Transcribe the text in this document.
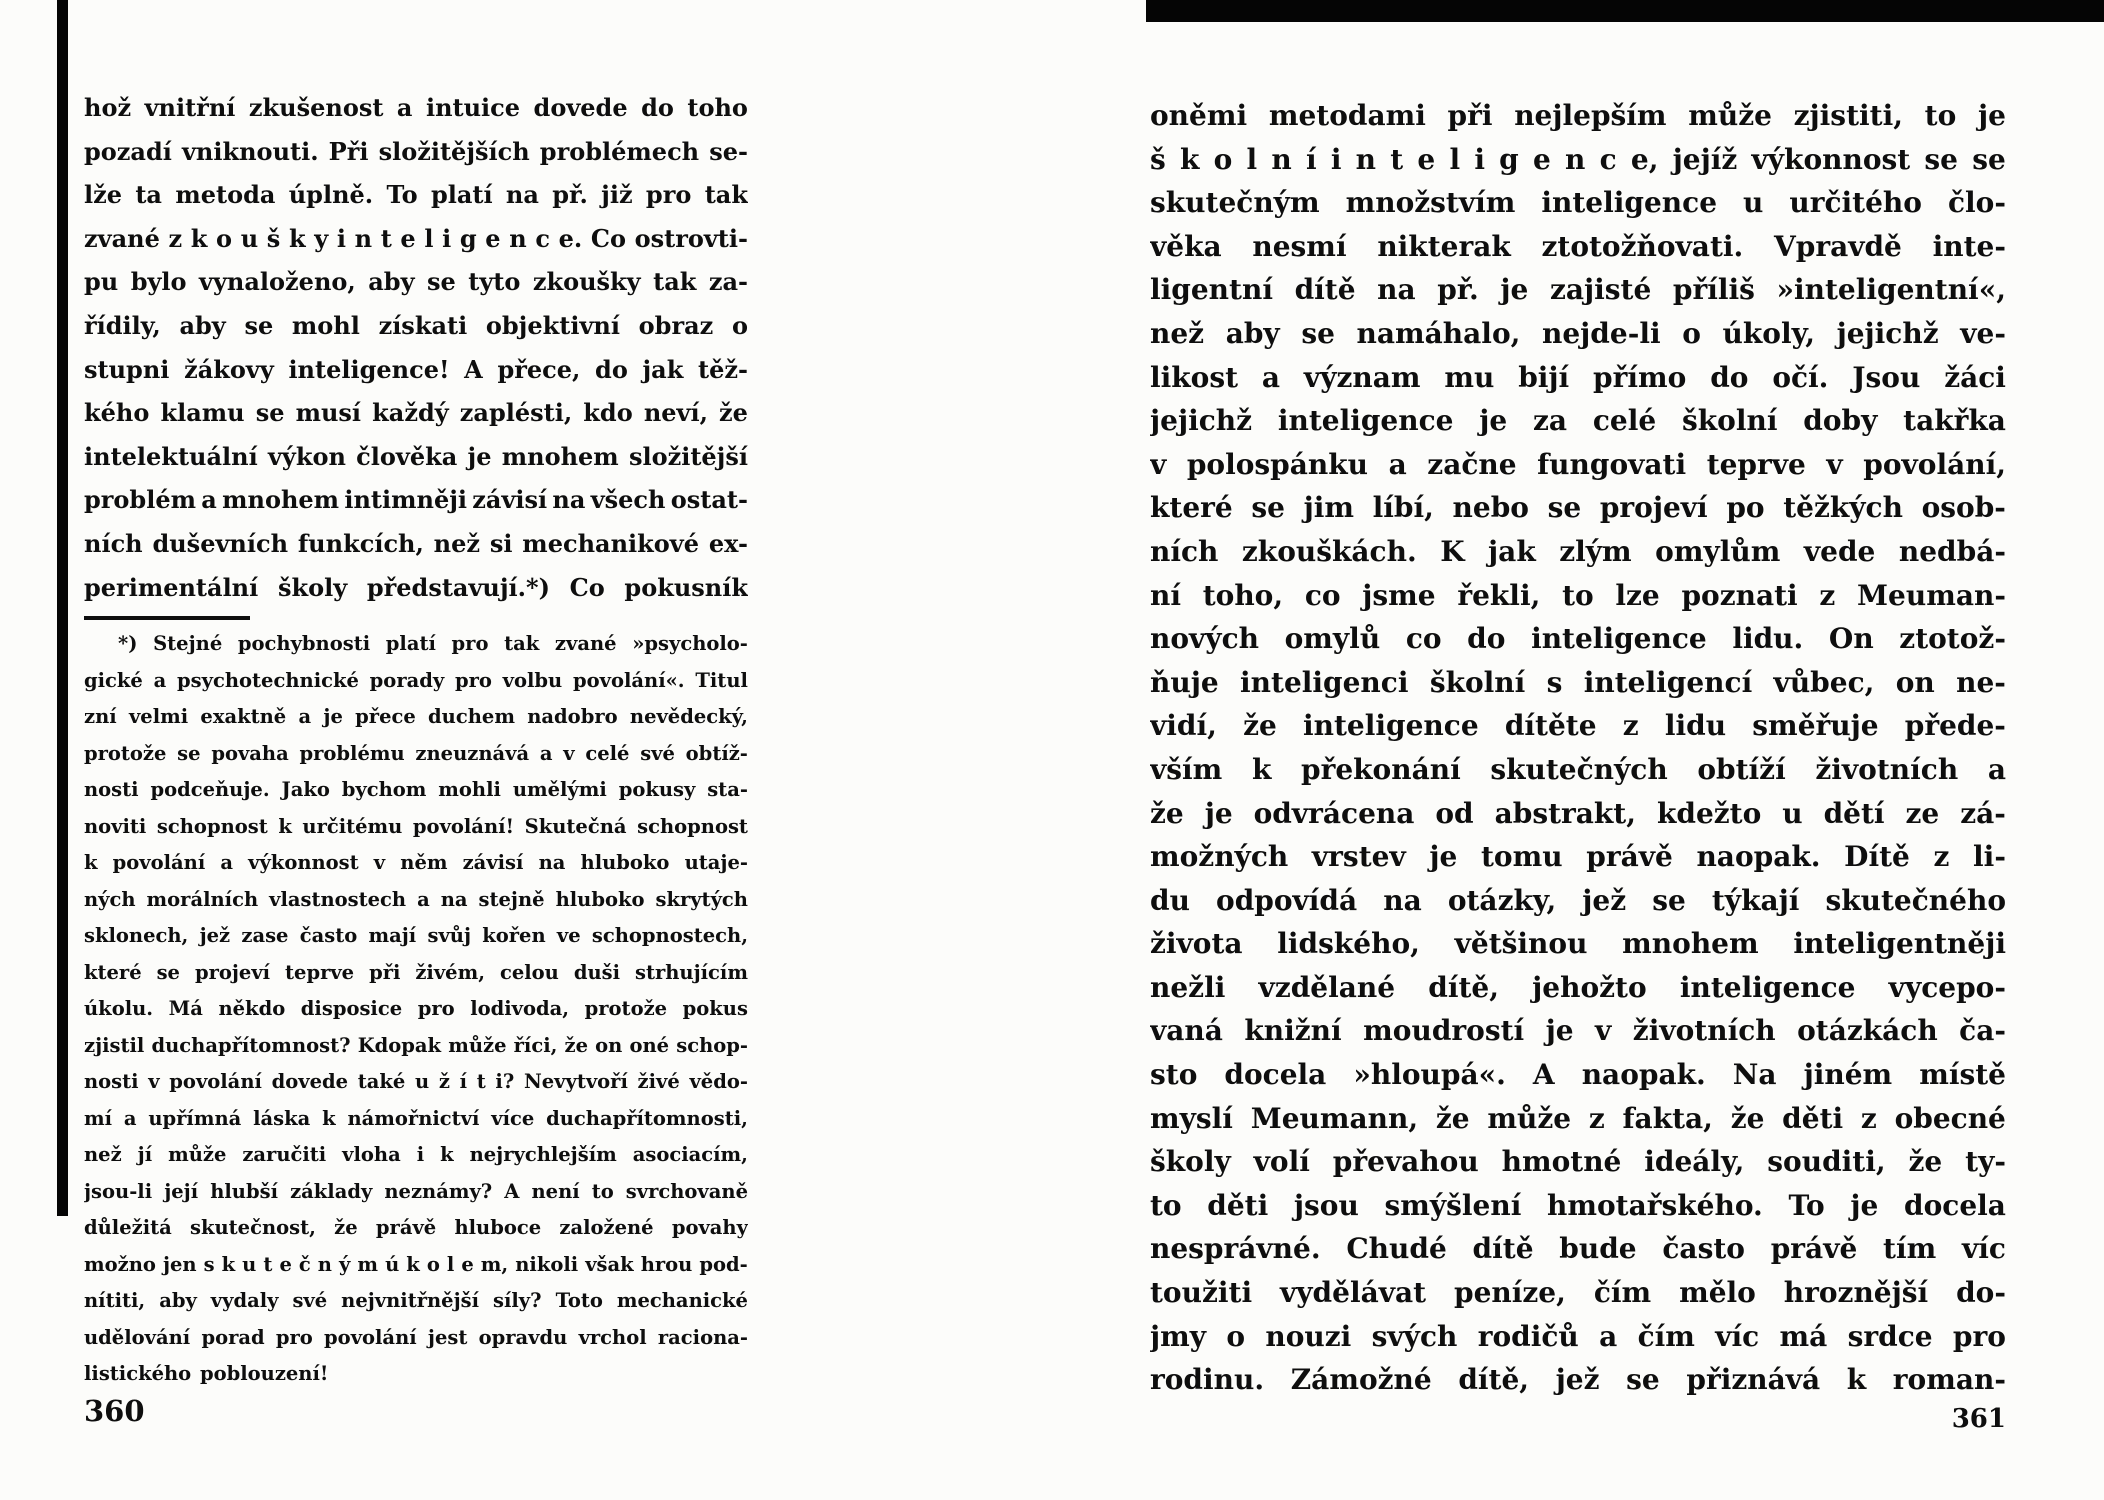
hož vnitřní zkušenost a intuice dovede do toho
pozadí vniknouti. Při složitějších problémech se-
lže ta metoda úplně. To platí na př. již pro tak
zvané z k o u š k y i n t e l i g e n c e. Co ostrovti-
pu bylo vynaloženo, aby se tyto zkoušky tak za-
řídily, aby se mohl získati objektivní obraz o
stupni žákovy inteligence! A přece, do jak těž-
kého klamu se musí každý zaplésti, kdo neví, že
intelektuální výkon člověka je mnohem složitější
problém a mnohem intimněji závisí na všech ostat-
ních duševních funkcích, než si mechanikové ex-
perimentální školy představují.*) Co pokusník
*) Stejné pochybnosti platí pro tak zvané »psycholo-
gické a psychotechnické porady pro volbu povolání«. Titul
zní velmi exaktně a je přece duchem nadobro nevědecký,
protože se povaha problému zneuznává a v celé své obtíž-
nosti podceňuje. Jako bychom mohli umělými pokusy sta-
noviti schopnost k určitému povolání! Skutečná schopnost
k povolání a výkonnost v něm závisí na hluboko utaje-
ných morálních vlastnostech a na stejně hluboko skrytých
sklonech, jež zase často mají svůj kořen ve schopnostech,
které se projeví teprve při živém, celou duši strhujícím
úkolu. Má někdo disposice pro lodivoda, protože pokus
zjistil duchapřítomnost? Kdopak může říci, že on oné schop-
nosti v povolání dovede také u ž í t i? Nevytvoří živé vědo-
mí a upřímná láska k námořnictví více duchapřítomnosti,
než jí může zaručiti vloha i k nejrychlejším asociacím,
jsou-li její hlubší základy neznámy? A není to svrchovaně
důležitá skutečnost, že právě hluboce založené povahy
možno jen s k u t e č n ý m ú k o l e m, nikoli však hrou pod-
nítiti, aby vydaly své nejvnitřnější síly? Toto mechanické
udělování porad pro povolání jest opravdu vrchol raciona-
listického poblouzení!
360
oněmi metodami při nejlepším může zjistiti, to je
š k o l n í i n t e l i g e n c e, jejíž výkonnost se se
skutečným množstvím inteligence u určitého člo-
věka nesmí nikterak ztotožňovati. Vpravdě inte-
ligentní dítě na př. je zajisté příliš »inteligentní«,
než aby se namáhalo, nejde-li o úkoly, jejichž ve-
likost a význam mu bijí přímo do očí. Jsou žáci
jejichž inteligence je za celé školní doby takřka
v polospánku a začne fungovati teprve v povolání,
které se jim líbí, nebo se projeví po těžkých osob-
ních zkouškách. K jak zlým omylům vede nedbá-
ní toho, co jsme řekli, to lze poznati z Meuman-
nových omylů co do inteligence lidu. On ztotož-
ňuje inteligenci školní s inteligencí vůbec, on ne-
vidí, že inteligence dítěte z lidu směřuje přede-
vším k překonání skutečných obtíží životních a
že je odvrácena od abstrakt, kdežto u dětí ze zá-
možných vrstev je tomu právě naopak. Dítě z li-
du odpovídá na otázky, jež se týkají skutečného
života lidského, většinou mnohem inteligentněji
nežli vzdělané dítě, jehožto inteligence vycepo-
vaná knižní moudrostí je v životních otázkách ča-
sto docela »hloupá«. A naopak. Na jiném místě
myslí Meumann, že může z fakta, že děti z obecné
školy volí převahou hmotné ideály, souditi, že ty-
to děti jsou smýšlení hmotařského. To je docela
nesprávné. Chudé dítě bude často právě tím víc
toužiti vydělávat peníze, čím mělo hroznější do-
jmy o nouzi svých rodičů a čím víc má srdce pro
rodinu. Zámožné dítě, jež se přiznává k roman-
361
